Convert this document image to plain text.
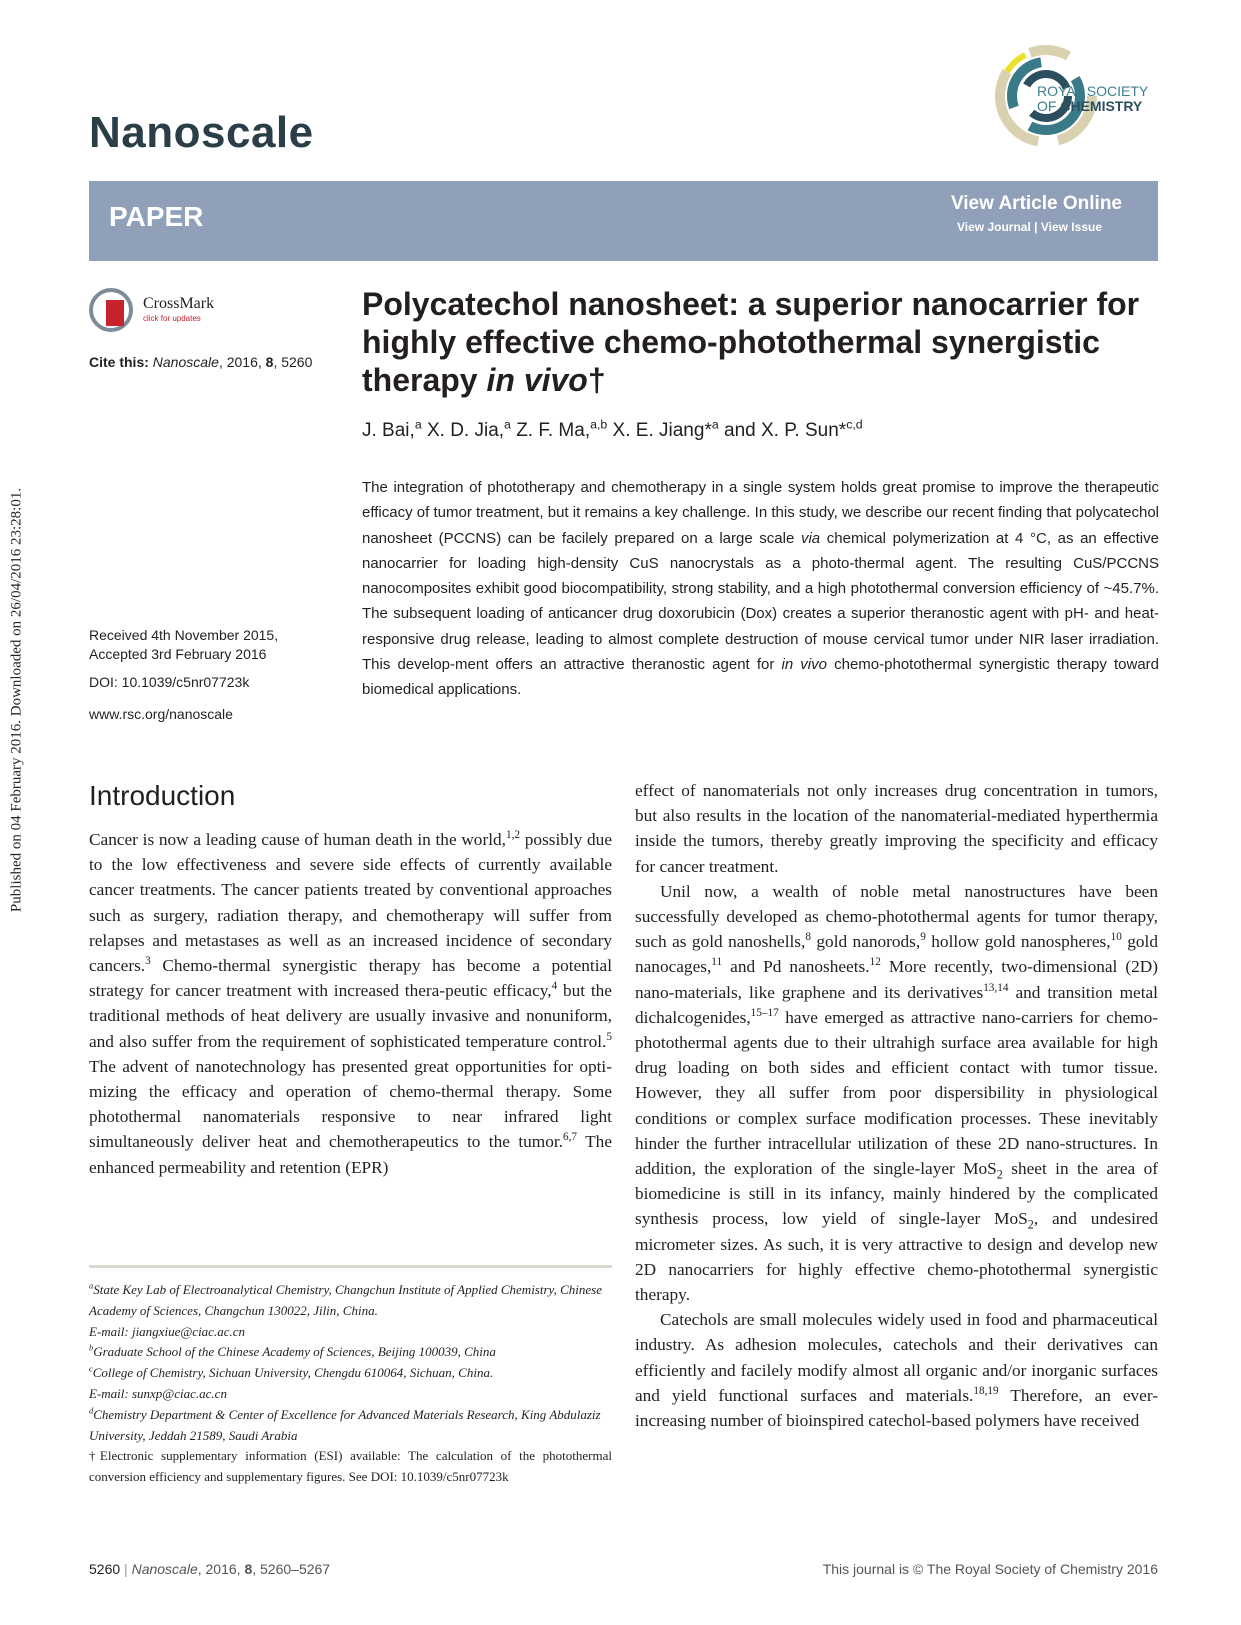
Published on 04 February 2016. Downloaded on 26/04/2016 23:28:01.
Nanoscale
ROYAL SOCIETY
OF CHEMISTRY
PAPER	View Article Online
View Journal | View Issue
CrossMark
click for updates
Cite this: Nanoscale, 2016, 8, 5260
Received 4th November 2015,
Accepted 3rd February 2016
DOI: 10.1039/c5nr07723k
www.rsc.org/nanoscale
Polycatechol nanosheet: a superior nanocarrier for highly effective chemo-photothermal synergistic therapy in vivo†
J. Bai,$^a$ X. D. Jia,$^a$ Z. F. Ma,$^{a,b}$ X. E. Jiang*$^a$ and X. P. Sun*$^{c,d}$
The integration of phototherapy and chemotherapy in a single system holds great promise to improve the therapeutic efficacy of tumor treatment, but it remains a key challenge. In this study, we describe our recent finding that polycatechol nanosheet (PCCNS) can be facilely prepared on a large scale via chemical polymerization at 4 °C, as an effective nanocarrier for loading high-density CuS nanocrystals as a photo-thermal agent. The resulting CuS/PCCNS nanocomposites exhibit good biocompatibility, strong stability, and a high photothermal conversion efficiency of ~45.7%. The subsequent loading of anticancer drug doxorubicin (Dox) creates a superior theranostic agent with pH- and heat-responsive drug release, leading to almost complete destruction of mouse cervical tumor under NIR laser irradiation. This develop-ment offers an attractive theranostic agent for in vivo chemo-photothermal synergistic therapy toward biomedical applications.
Introduction
Cancer is now a leading cause of human death in the world,$^{1,2}$ possibly due to the low effectiveness and severe side effects of currently available cancer treatments. The cancer patients treated by conventional approaches such as surgery, radiation therapy, and chemotherapy will suffer from relapses and metastases as well as an increased incidence of secondary cancers.$^3$ Chemo-thermal synergistic therapy has become a potential strategy for cancer treatment with increased thera-peutic efficacy,$^4$ but the traditional methods of heat delivery are usually invasive and nonuniform, and also suffer from the requirement of sophisticated temperature control.$^5$ The advent of nanotechnology has presented great opportunities for opti-mizing the efficacy and operation of chemo-thermal therapy. Some photothermal nanomaterials responsive to near infrared light simultaneously deliver heat and chemotherapeutics to the tumor.$^{6,7}$ The enhanced permeability and retention (EPR)
$^a$State Key Lab of Electroanalytical Chemistry, Changchun Institute of Applied Chemistry, Chinese Academy of Sciences, Changchun 130022, Jilin, China.
E-mail: jiangxiue@ciac.ac.cn
$^b$Graduate School of the Chinese Academy of Sciences, Beijing 100039, China
$^c$College of Chemistry, Sichuan University, Chengdu 610064, Sichuan, China.
E-mail: sunxp@ciac.ac.cn
$^d$Chemistry Department & Center of Excellence for Advanced Materials Research, King Abdulaziz University, Jeddah 21589, Saudi Arabia
†Electronic supplementary information (ESI) available: The calculation of the photothermal conversion efficiency and supplementary figures. See DOI: 10.1039/c5nr07723k

effect of nanomaterials not only increases drug concentration in tumors, but also results in the location of the nanomaterial-mediated hyperthermia inside the tumors, thereby greatly improving the specificity and efficacy for cancer treatment.

Unil now, a wealth of noble metal nanostructures have been successfully developed as chemo-photothermal agents for tumor therapy, such as gold nanoshells,$^8$ gold nanorods,$^9$ hollow gold nanospheres,$^{10}$ gold nanocages,$^{11}$ and Pd nanosheets.$^{12}$ More recently, two-dimensional (2D) nano-materials, like graphene and its derivatives$^{13,14}$ and transition metal dichalcogenides,$^{15-17}$ have emerged as attractive nano-carriers for chemo-photothermal agents due to their ultrahigh surface area available for high drug loading on both sides and efficient contact with tumor tissue. However, they all suffer from poor dispersibility in physiological conditions or complex surface modification processes. These inevitably hinder the further intracellular utilization of these 2D nano-structures. In addition, the exploration of the single-layer MoS$_2$ sheet in the area of biomedicine is still in its infancy, mainly hindered by the complicated synthesis process, low yield of single-layer MoS$_2$, and undesired micrometer sizes. As such, it is very attractive to design and develop new 2D nanocarriers for highly effective chemo-photothermal synergistic therapy.

Catechols are small molecules widely used in food and pharmaceutical industry. As adhesion molecules, catechols and their derivatives can efficiently and facilely modify almost all organic and/or inorganic surfaces and yield functional surfaces and materials.$^{18,19}$ Therefore, an ever-increasing number of bioinspired catechol-based polymers have received

5260 | Nanoscale, 2016, 8, 5260–5267	This journal is © The Royal Society of Chemistry 2016
